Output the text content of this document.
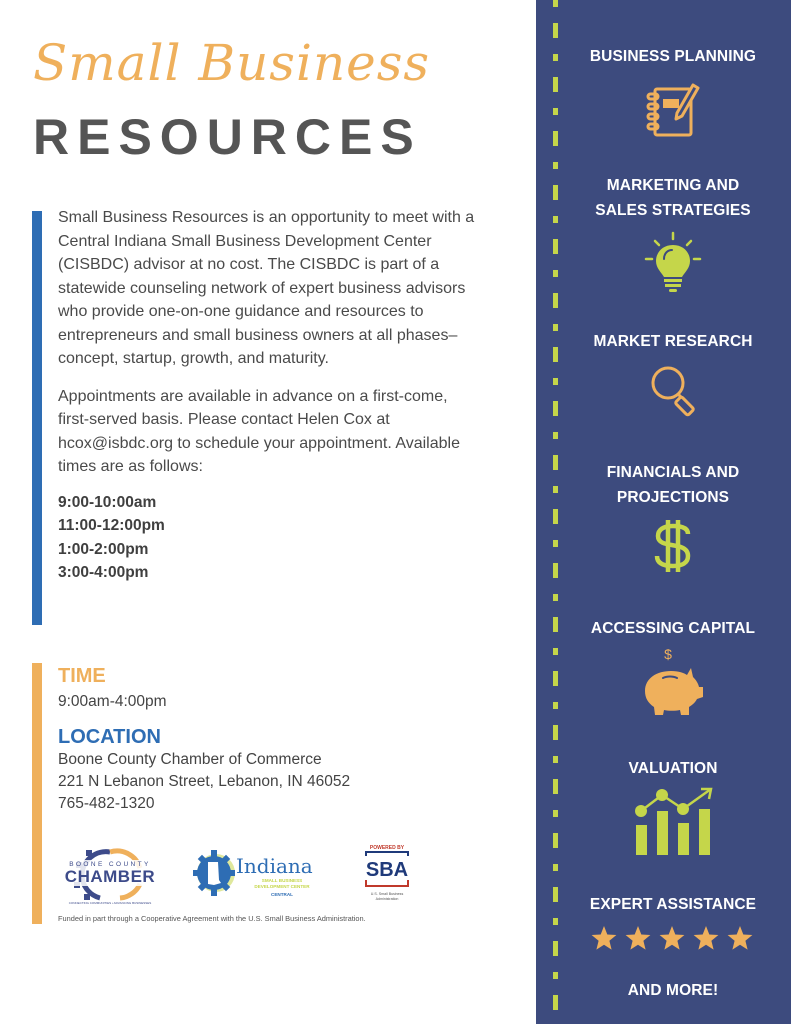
Small Business
RESOURCES

Small Business Resources is an opportunity to meet with a Central Indiana Small Business Development Center (CISBDC) advisor at no cost. The CISBDC is part of a statewide counseling network of expert business advisors who provide one-on-one guidance and resources to entrepreneurs and small business owners at all phases–concept, startup, growth, and maturity.

Appointments are available in advance on a first-come, first-served basis. Please contact Helen Cox at hcox@isbdc.org to schedule your appointment. Available times are as follows:

9:00-10:00am
11:00-12:00pm
1:00-2:00pm
3:00-4:00pm
TIME
9:00am-4:00pm
LOCATION
Boone County Chamber of Commerce
221 N Lebanon Street, Lebanon, IN 46052
765-482-1320
BOONE COUNTY
CHAMBER
CONNECTING COMMUNITIES • ADVANCING BUSINESSES
Indiana
SMALL BUSINESS
DEVELOPMENT CENTER
CENTRAL
POWERED BY
SBA
U.S. Small Business
Administration
Funded in part through a Cooperative Agreement with the U.S. Small Business Administration.
BUSINESS PLANNING
MARKETING AND SALES STRATEGIES
MARKET RESEARCH
FINANCIALS AND PROJECTIONS
ACCESSING CAPITAL
$
VALUATION
EXPERT ASSISTANCE
AND MORE!
